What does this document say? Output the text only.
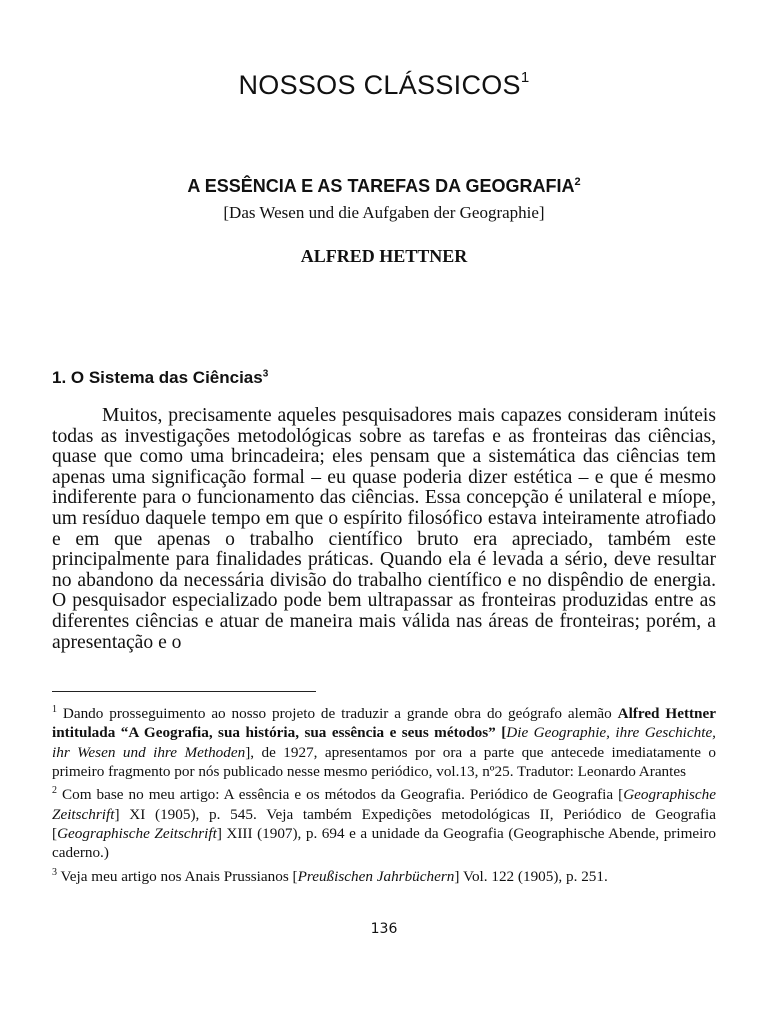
NOSSOS CLÁSSICOS$^1$
A ESSÊNCIA E AS TAREFAS DA GEOGRAFIA$^2$
[Das Wesen und die Aufgaben der Geographie]
ALFRED HETTNER
1. O Sistema das Ciências$^3$

Muitos, precisamente aqueles pesquisadores mais capazes consideram inúteis todas as investigações metodológicas sobre as tarefas e as fronteiras das ciências, quase que como uma brincadeira; eles pensam que a sistemática das ciências tem apenas uma significação formal – eu quase poderia dizer estética – e que é mesmo indiferente para o funcionamento das ciências. Essa concepção é unilateral e míope, um resíduo daquele tempo em que o espírito filosófico estava inteiramente atrofiado e em que apenas o trabalho científico bruto era apreciado, também este principalmente para finalidades práticas. Quando ela é levada a sério, deve resultar no abandono da necessária divisão do trabalho científico e no dispêndio de energia. O pesquisador especializado pode bem ultrapassar as fronteiras produzidas entre as diferentes ciências e atuar de maneira mais válida nas áreas de fronteiras; porém, a apresentação e o

$^1$ Dando prosseguimento ao nosso projeto de traduzir a grande obra do geógrafo alemão Alfred Hettner intitulada “A Geografia, sua história, sua essência e seus métodos” [Die Geographie, ihre Geschichte, ihr Wesen und ihre Methoden], de 1927, apresentamos por ora a parte que antecede imediatamente o primeiro fragmento por nós publicado nesse mesmo periódico, vol.13, nº25. Tradutor: Leonardo Arantes

$^2$ Com base no meu artigo: A essência e os métodos da Geografia. Periódico de Geografia [Geographische Zeitschrift] XI (1905), p. 545. Veja também Expedições metodológicas II, Periódico de Geografia [Geographische Zeitschrift] XIII (1907), p. 694 e a unidade da Geografia (Geographische Abende, primeiro caderno.)

$^3$ Veja meu artigo nos Anais Prussianos [Preußischen Jahrbüchern] Vol. 122 (1905), p. 251.

136
